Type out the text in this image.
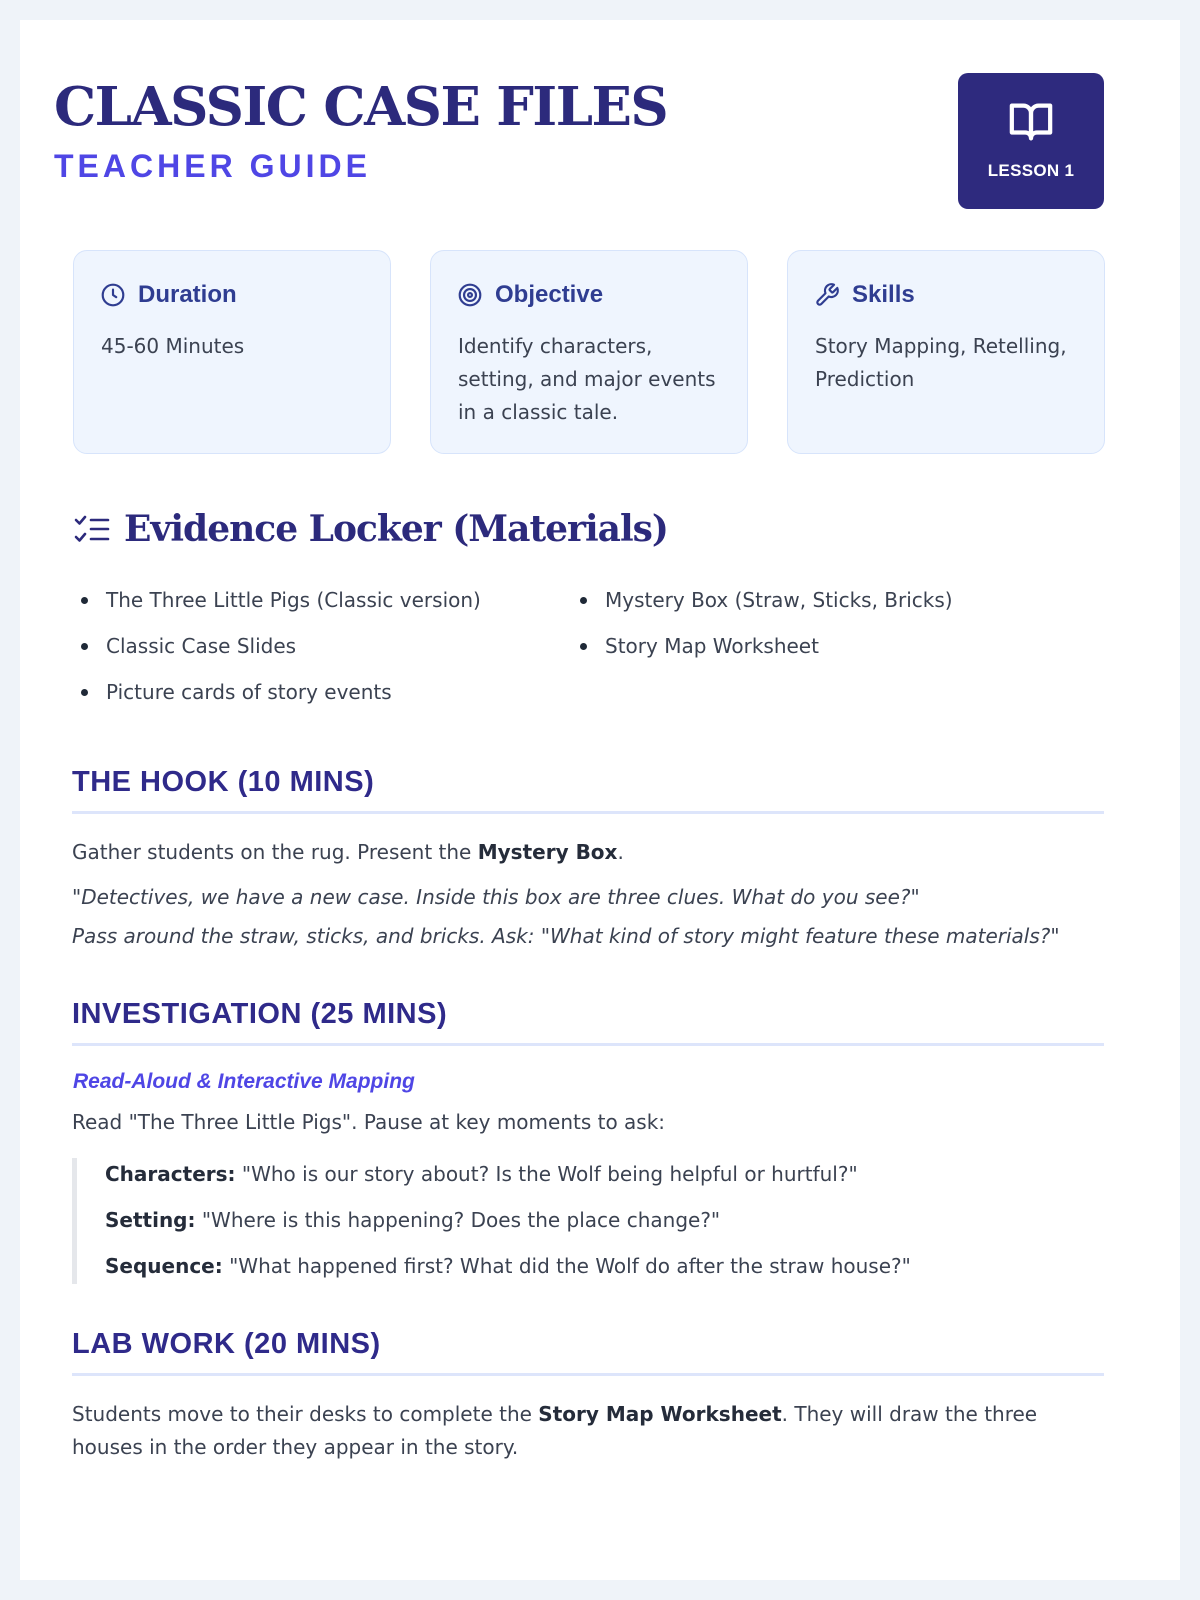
CLASSIC CASE FILES
TEACHER GUIDE	LESSON 1
Duration
45-60 Minutes
Objective
Identify characters, setting, and major events in a classic tale.
Skills
Story Mapping, Retelling, Prediction
Evidence Locker (Materials)
The Three Little Pigs (Classic version)
Classic Case Slides
Picture cards of story events
Mystery Box (Straw, Sticks, Bricks)
Story Map Worksheet
THE HOOK (10 MINS)
Gather students on the rug. Present the Mystery Box.
"Detectives, we have a new case. Inside this box are three clues. What do you see?"
Pass around the straw, sticks, and bricks. Ask: "What kind of story might feature these materials?"
INVESTIGATION (25 MINS)
Read-Aloud & Interactive Mapping
Read "The Three Little Pigs". Pause at key moments to ask:
Characters: "Who is our story about? Is the Wolf being helpful or hurtful?"
Setting: "Where is this happening? Does the place change?"
Sequence: "What happened first? What did the Wolf do after the straw house?"
LAB WORK (20 MINS)
Students move to their desks to complete the Story Map Worksheet. They will draw the three houses in the order they appear in the story.
